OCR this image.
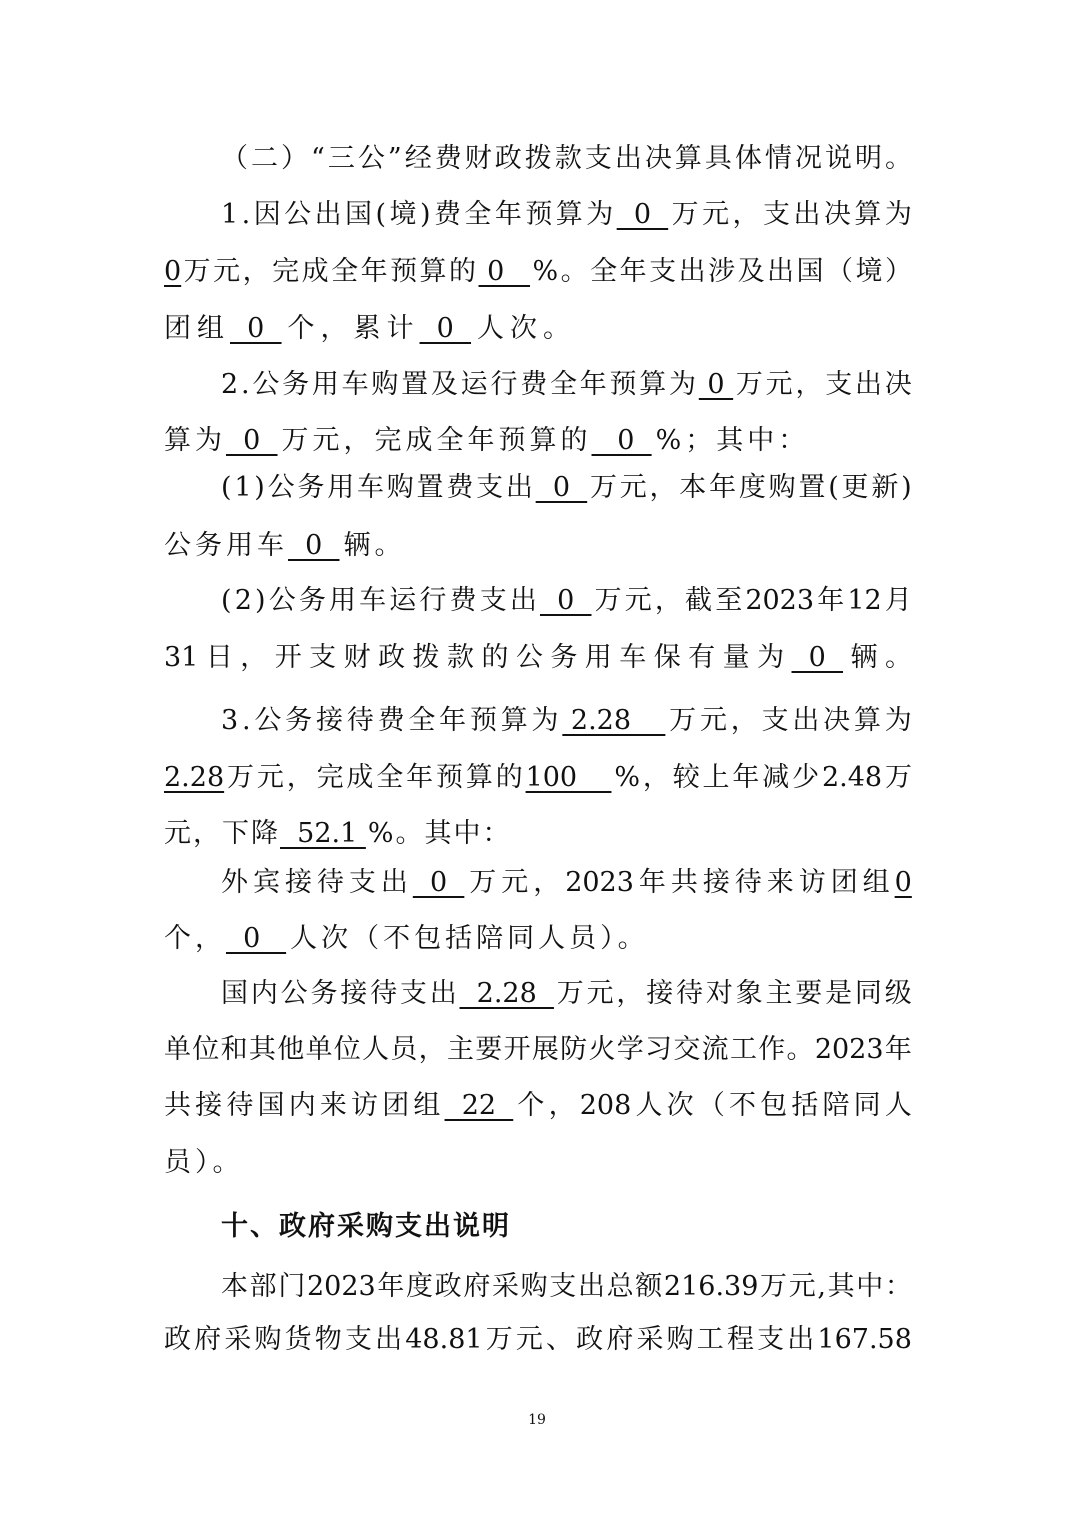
（ 二 ） “ 三 公 ” 经 费 财 政 拨 款 支 出 决 算 具 体 情 况 说 明 。
1 . 因 公 出 国 ( 境 ) 费 全 年 预 算 为 0 万 元 ， 支 出 决 算 为
0 万 元 ， 完 成 全 年 预 算 的 0 % 。 全 年 支 出 涉 及 出 国 （ 境 ）
团 组  0  个 ， 累 计  0  人 次 。
2 . 公 务 用 车 购 置 及 运 行 费 全 年 预 算 为 0 万 元 ， 支 出 决
算 为  0  万 元 ， 完 成 全 年 预 算 的   0  % ； 其 中 ：
( 1 ) 公 务 用 车 购 置 费 支 出 0 万 元 ， 本 年 度 购 置 ( 更 新 )
公 务 用 车  0  辆 。
( 2 ) 公 务 用 车 运 行 费 支 出 0 万 元 ， 截 至 2023 年 12 月
31 日 ， 开 支 财 政 拨 款 的 公 务 用 车 保 有 量 为 0 辆 。
3 . 公 务 接 待 费 全 年 预 算 为 2.28 万 元 ， 支 出 决 算 为
2.28 万 元 ， 完 成 全 年 预 算 的 100 % ， 较 上 年 减 少 2.48 万
元，下降  52.1 %。其中：
外 宾 接 待 支 出 0 万 元 ， 2023 年 共 接 待 来 访 团 组 0
个 ，  0   人 次 （ 不 包 括 陪 同 人 员 ） 。
国 内 公 务 接 待 支 出 2.28 万 元 ， 接 待 对 象 主 要 是 同 级
单 位 和 其 他 单 位 人 员 ， 主 要 开 展 防 火 学 习 交 流 工 作 。 2023 年
共 接 待 国 内 来 访 团 组 22 个 ， 208 人 次 （ 不 包 括 陪 同 人
员 ） 。
十、政府采购支出说明
本 部 门 2023 年 度 政 府 采 购 支 出 总 额 216.39 万 元 , 其 中 ：
政 府 采 购 货 物 支 出 48.81 万 元 、 政 府 采 购 工 程 支 出 167.58
19
